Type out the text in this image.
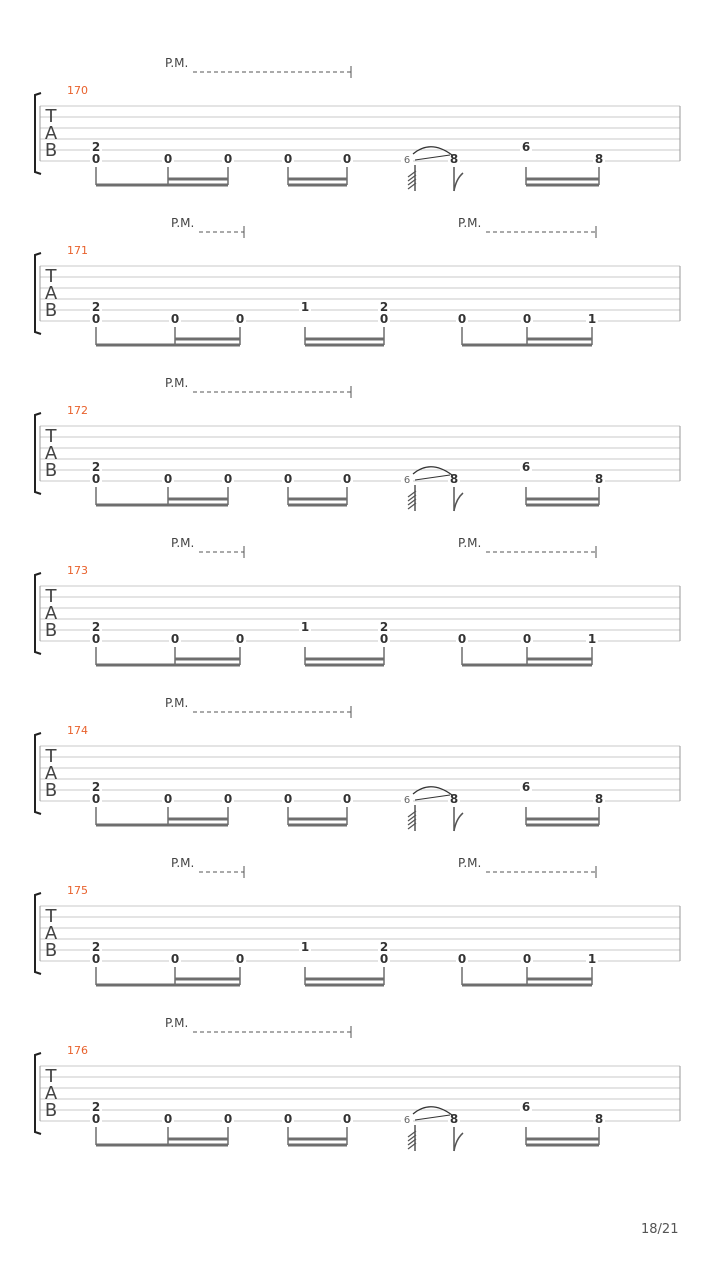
T
A
B
170
P.M.
2
0	0	0	0	0	6	8
6
8
T
A
B
171
P.M.	P.M.
2
0	0	0
1	2
0	0	0	1
T
A
B
172
P.M.
2
0	0	0	0	0	6	8
6
8
T
A
B
173
P.M.	P.M.
2
0	0	0
1	2
0	0	0	1
T
A
B
174
P.M.
2
0	0	0	0	0	6	8
6
8
T
A
B
175
P.M.	P.M.
2
0	0	0
1	2
0	0	0	1
T
A
B
176
P.M.
2
0	0	0	0	0	6	8
6
8
18/21
